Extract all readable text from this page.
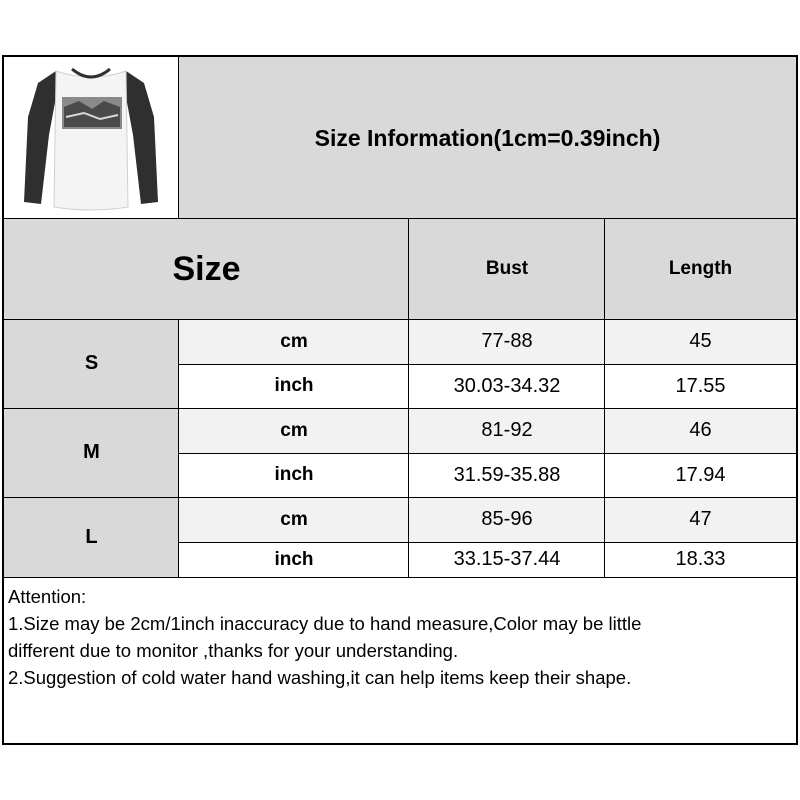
Size Information(1cm=0.39inch)
Size	Bust	Length
S
cm	77-88	45
inch	30.03-34.32	17.55
M
cm	81-92	46
inch	31.59-35.88	17.94
L
cm	85-96	47
inch	33.15-37.44	18.33
Attention:
1.Size may be 2cm/1inch inaccuracy due to hand measure,Color may be little
different due to monitor ,thanks for your understanding.
2.Suggestion of cold water hand washing,it can help items keep their shape.
